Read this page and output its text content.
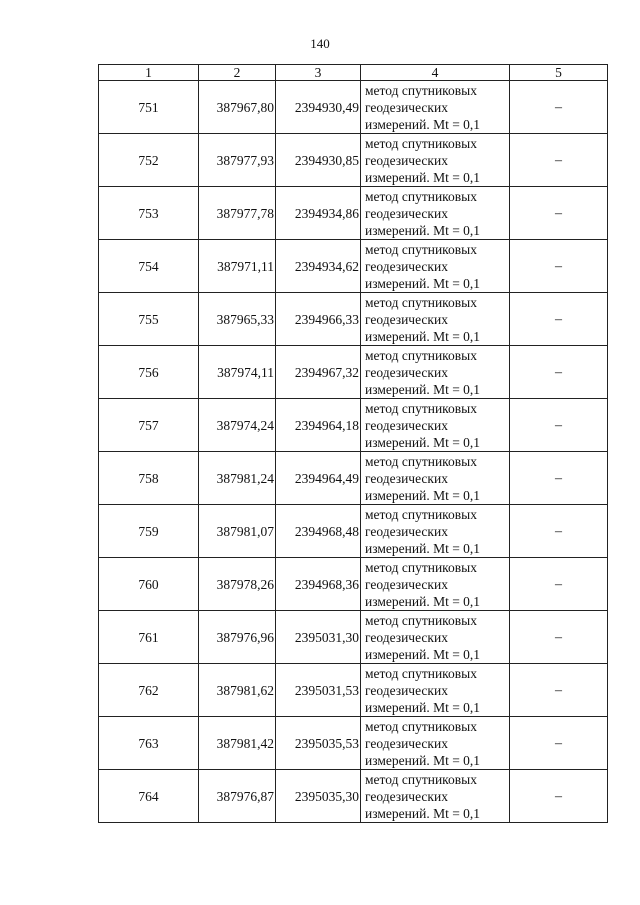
140
1	2	3	4	5
751	387967,80	2394930,49	метод спутниковых
геодезических
измерений. Mt = 0,1	–
752	387977,93	2394930,85	метод спутниковых
геодезических
измерений. Mt = 0,1	–
753	387977,78	2394934,86	метод спутниковых
геодезических
измерений. Mt = 0,1	–
754	387971,11	2394934,62	метод спутниковых
геодезических
измерений. Mt = 0,1	–
755	387965,33	2394966,33	метод спутниковых
геодезических
измерений. Mt = 0,1	–
756	387974,11	2394967,32	метод спутниковых
геодезических
измерений. Mt = 0,1	–
757	387974,24	2394964,18	метод спутниковых
геодезических
измерений. Mt = 0,1	–
758	387981,24	2394964,49	метод спутниковых
геодезических
измерений. Mt = 0,1	–
759	387981,07	2394968,48	метод спутниковых
геодезических
измерений. Mt = 0,1	–
760	387978,26	2394968,36	метод спутниковых
геодезических
измерений. Mt = 0,1	–
761	387976,96	2395031,30	метод спутниковых
геодезических
измерений. Mt = 0,1	–
762	387981,62	2395031,53	метод спутниковых
геодезических
измерений. Mt = 0,1	–
763	387981,42	2395035,53	метод спутниковых
геодезических
измерений. Mt = 0,1	–
764	387976,87	2395035,30	метод спутниковых
геодезических
измерений. Mt = 0,1	–
